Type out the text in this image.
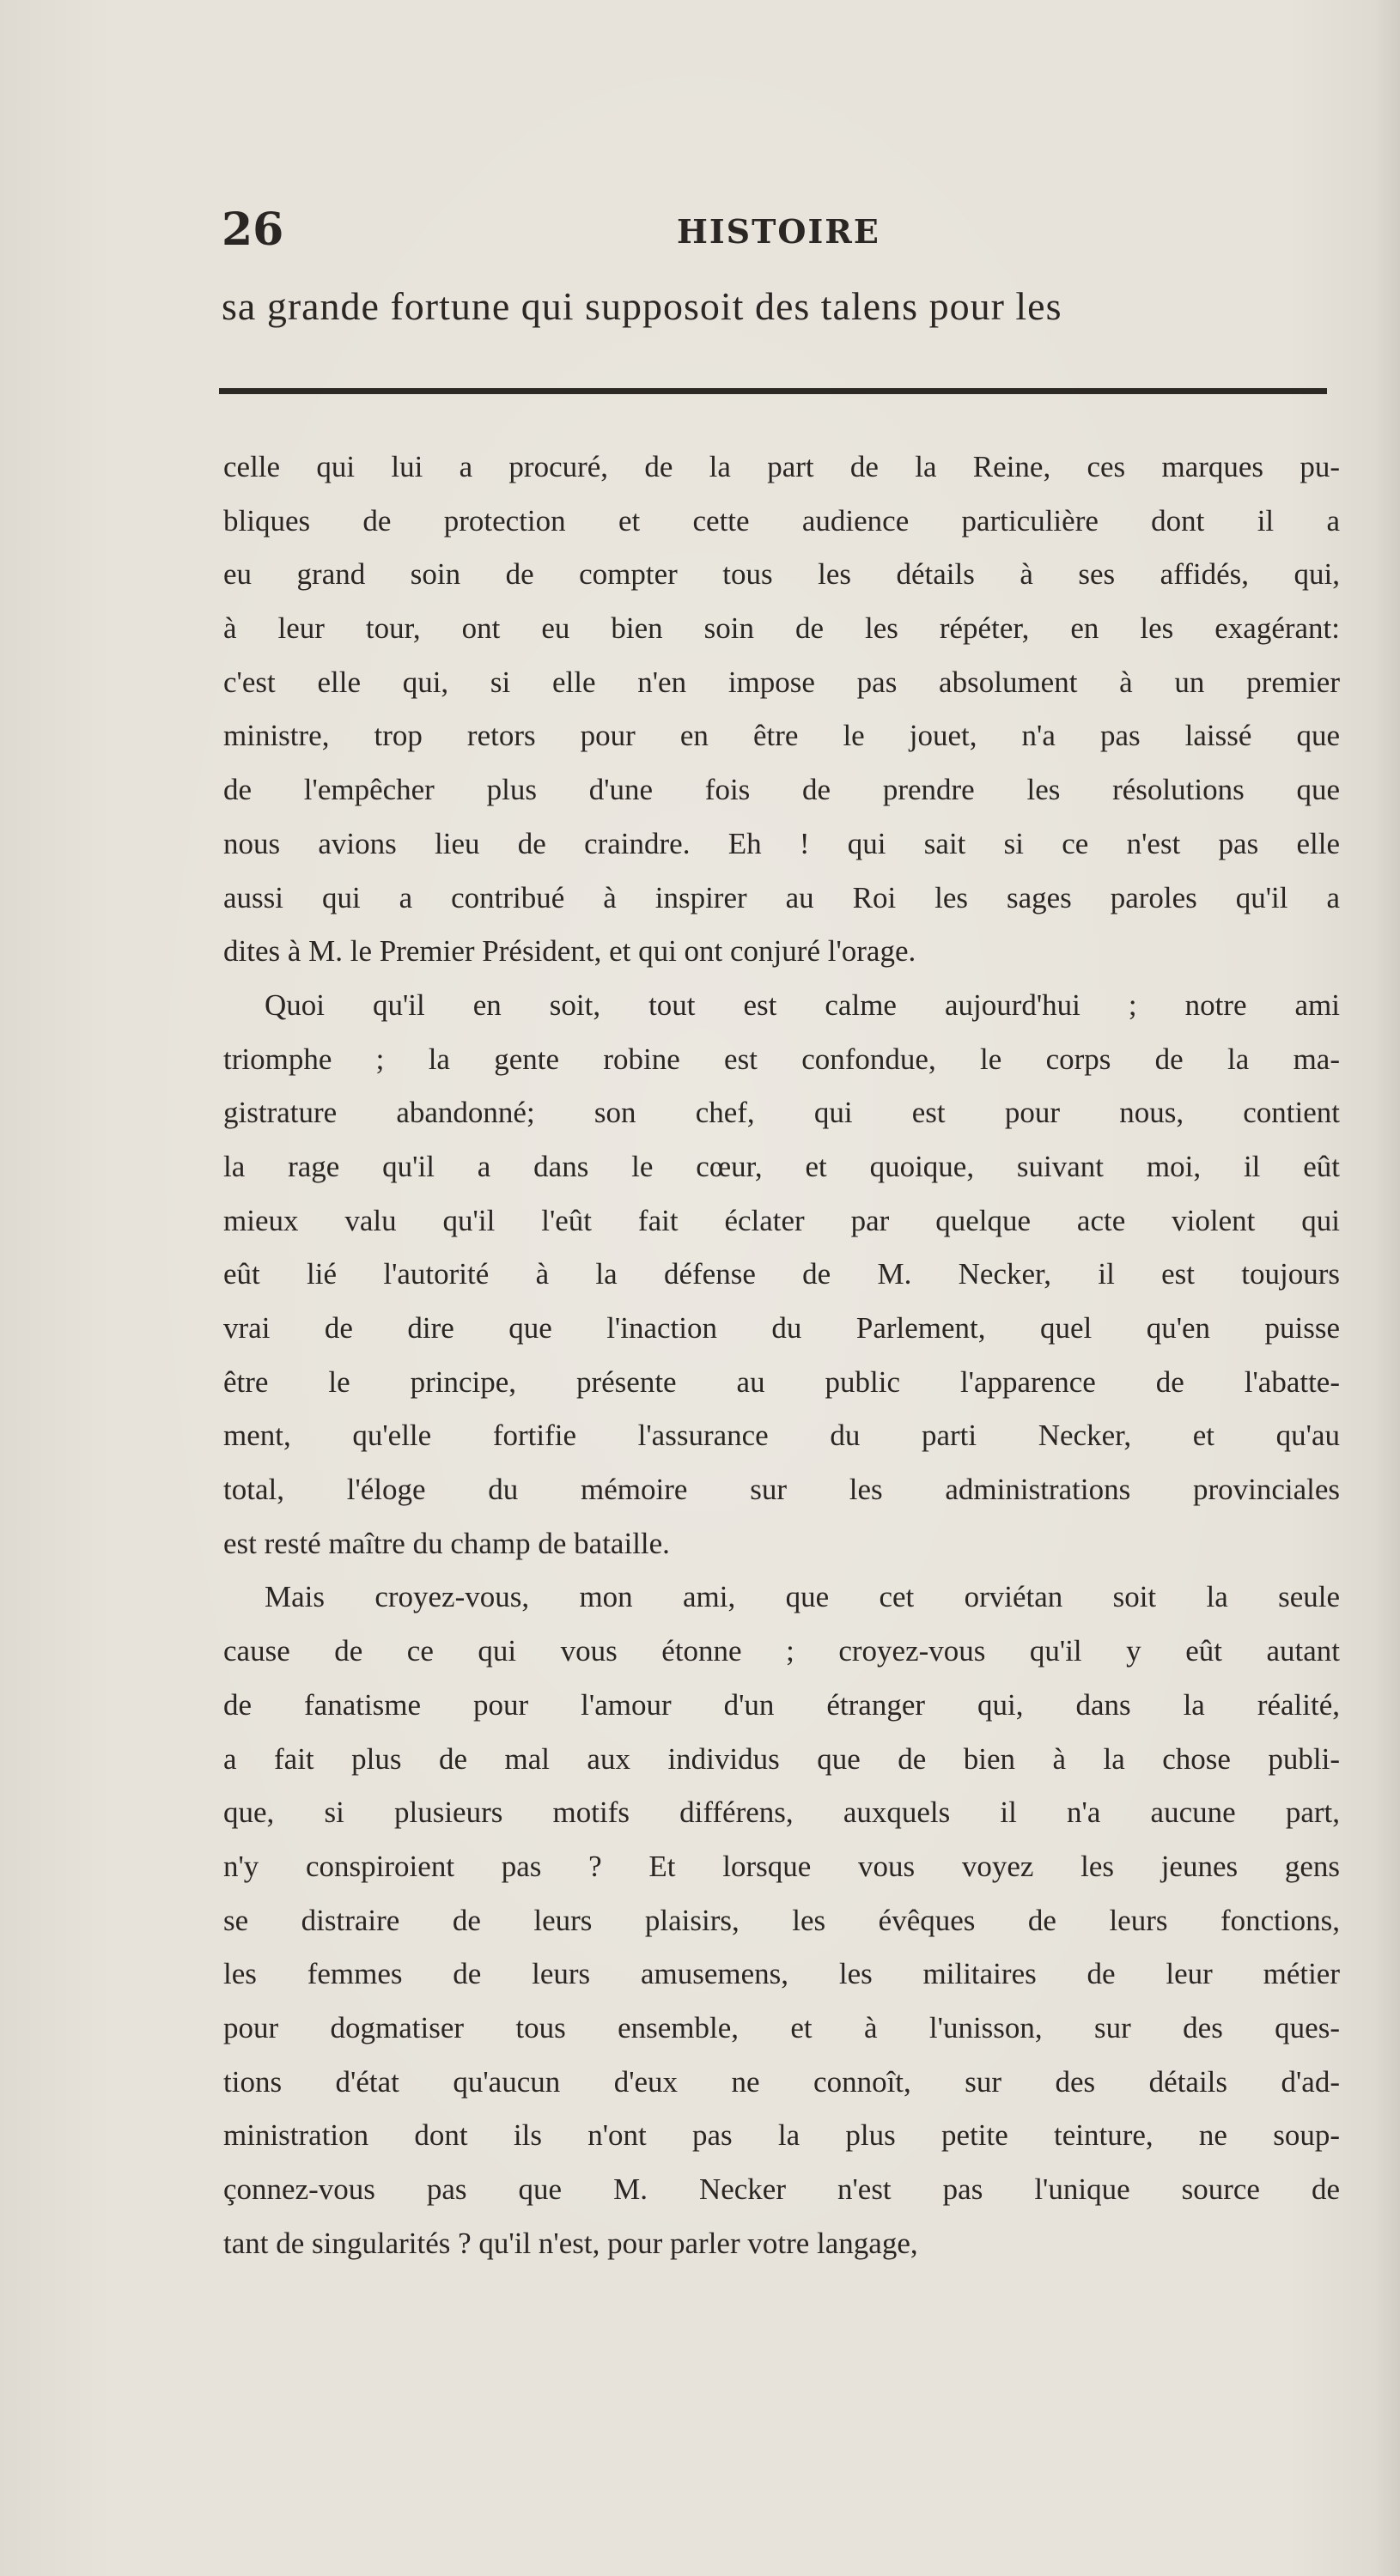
26	HISTOIRE
sa grande fortune qui supposoit des talens pour les
celle qui lui a procuré, de la part de la Reine, ces marques pu-
bliques de protection et cette audience particulière dont il a
eu grand soin de compter tous les détails à ses affidés, qui,
à leur tour, ont eu bien soin de les répéter, en les exagérant:
c'est elle qui, si elle n'en impose pas absolument à un premier
ministre, trop retors pour en être le jouet, n'a pas laissé que
de l'empêcher plus d'une fois de prendre les résolutions que
nous avions lieu de craindre. Eh ! qui sait si ce n'est pas elle
aussi qui a contribué à inspirer au Roi les sages paroles qu'il a
dites à M. le Premier Président, et qui ont conjuré l'orage.
Quoi qu'il en soit, tout est calme aujourd'hui ; notre ami
triomphe ; la gente robine est confondue, le corps de la ma-
gistrature abandonné; son chef, qui est pour nous, contient
la rage qu'il a dans le cœur, et quoique, suivant moi, il eût
mieux valu qu'il l'eût fait éclater par quelque acte violent qui
eût lié l'autorité à la défense de M. Necker, il est toujours
vrai de dire que l'inaction du Parlement, quel qu'en puisse
être le principe, présente au public l'apparence de l'abatte-
ment, qu'elle fortifie l'assurance du parti Necker, et qu'au
total, l'éloge du mémoire sur les administrations provinciales
est resté maître du champ de bataille.
Mais croyez-vous, mon ami, que cet orviétan soit la seule
cause de ce qui vous étonne ; croyez-vous qu'il y eût autant
de fanatisme pour l'amour d'un étranger qui, dans la réalité,
a fait plus de mal aux individus que de bien à la chose publi-
que, si plusieurs motifs différens, auxquels il n'a aucune part,
n'y conspiroient pas ? Et lorsque vous voyez les jeunes gens
se distraire de leurs plaisirs, les évêques de leurs fonctions,
les femmes de leurs amusemens, les militaires de leur métier
pour dogmatiser tous ensemble, et à l'unisson, sur des ques-
tions d'état qu'aucun d'eux ne connoît, sur des détails d'ad-
ministration dont ils n'ont pas la plus petite teinture, ne soup-
çonnez-vous pas que M. Necker n'est pas l'unique source de
tant de singularités ? qu'il n'est, pour parler votre langage,
